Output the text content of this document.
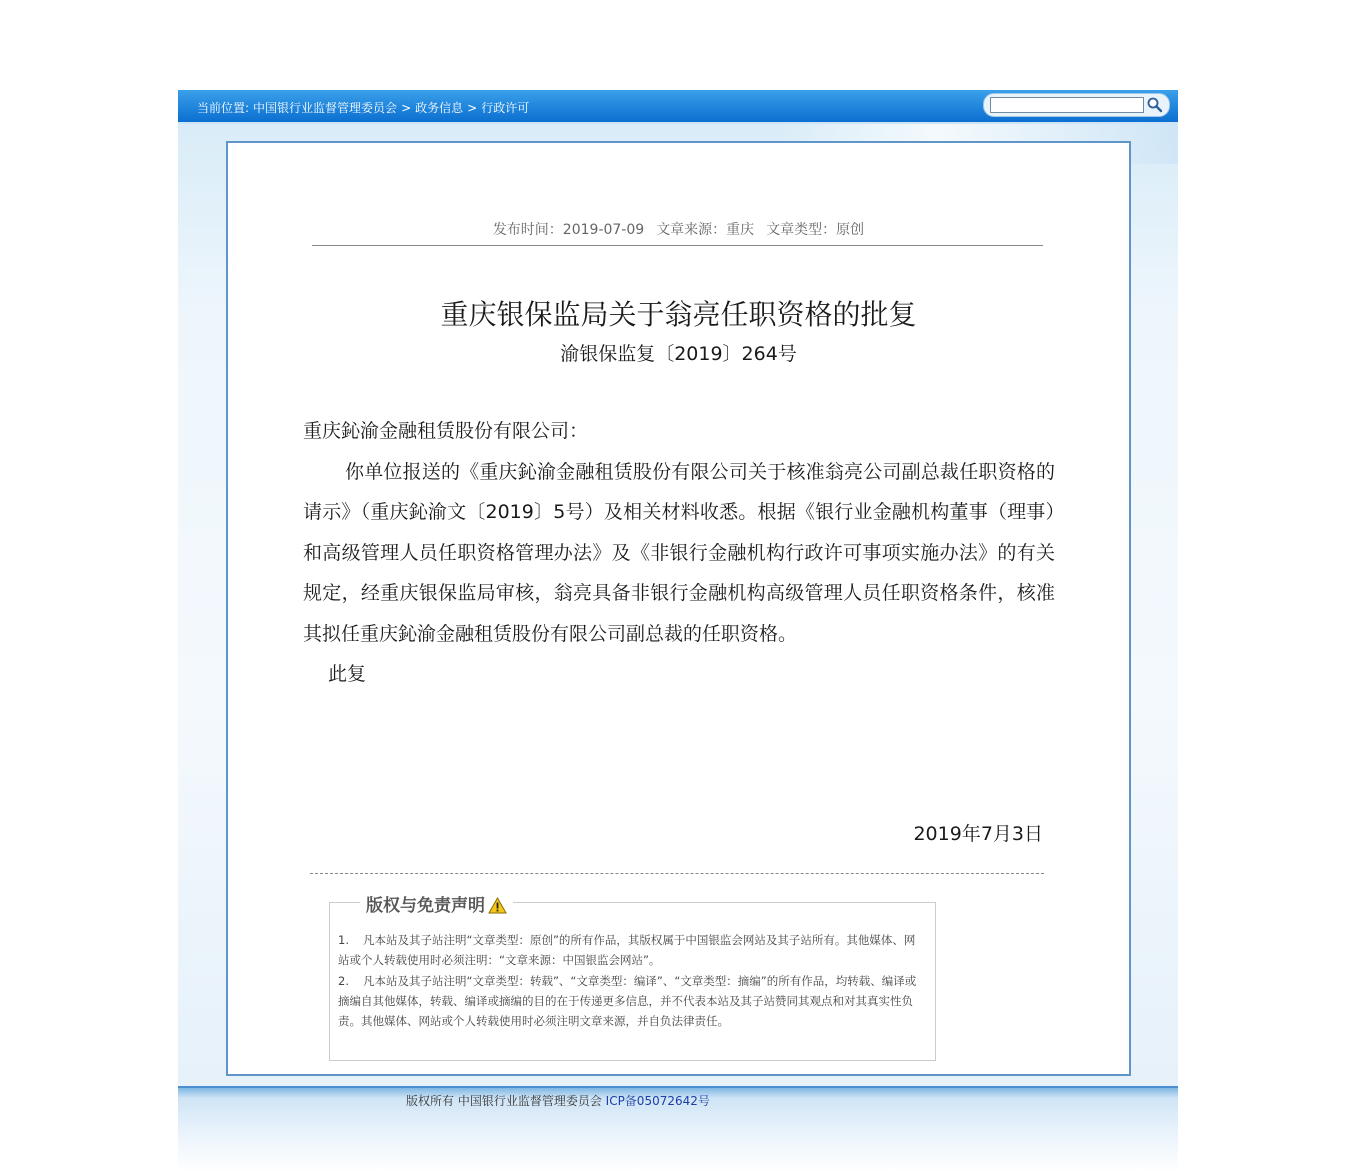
当前位置: 中国银行业监督管理委员会 > 政务信息 > 行政许可
发布时间：2019-07-09 文章来源：重庆 文章类型：原创
重庆银保监局关于翁亮任职资格的批复
渝银保监复〔2019〕264号

重庆鈊渝金融租赁股份有限公司：

你单位报送的《重庆鈊渝金融租赁股份有限公司关于核准翁亮公司副总裁任职资格的请示》（重庆鈊渝文〔2019〕5号）及相关材料收悉。根据《银行业金融机构董事（理事）和高级管理人员任职资格管理办法》及《非银行金融机构行政许可事项实施办法》的有关规定，经重庆银保监局审核，翁亮具备非银行金融机构高级管理人员任职资格条件，核准其拟任重庆鈊渝金融租赁股份有限公司副总裁的任职资格。

此复

2019年7月3日
版权与免责声明

1. 凡本站及其子站注明“文章类型：原创”的所有作品，其版权属于中国银监会网站及其子站所有。其他媒体、网站或个人转载使用时必须注明：“文章来源：中国银监会网站”。

2. 凡本站及其子站注明“文章类型：转载”、“文章类型：编译”、“文章类型：摘编”的所有作品，均转载、编译或摘编自其他媒体，转载、编译或摘编的目的在于传递更多信息，并不代表本站及其子站赞同其观点和对其真实性负责。其他媒体、网站或个人转载使用时必须注明文章来源，并自负法律责任。

版权所有 中国银行业监督管理委员会 ICP备05072642号
